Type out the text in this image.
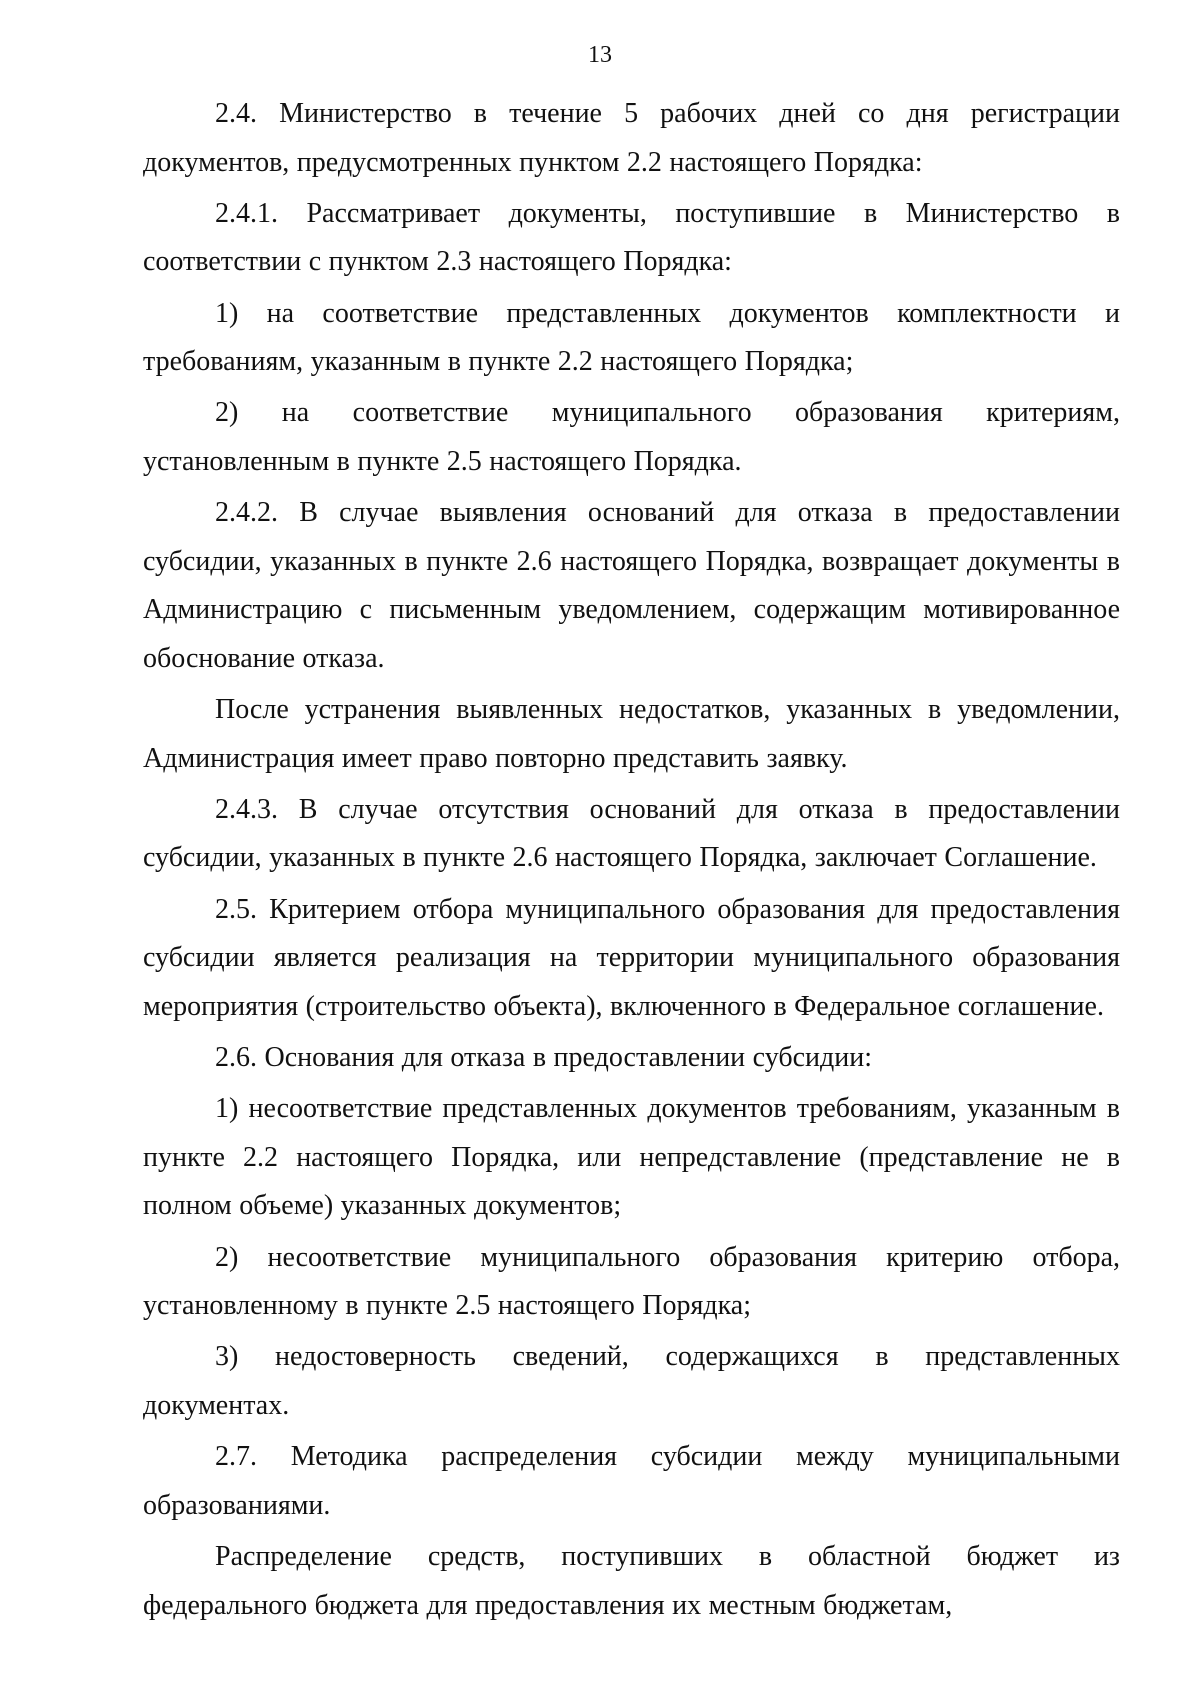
13

2.4. Министерство в течение 5 рабочих дней со дня регистрации документов, предусмотренных пунктом 2.2 настоящего Порядка:

2.4.1. Рассматривает документы, поступившие в Министерство в соответствии с пунктом 2.3 настоящего Порядка:

1) на соответствие представленных документов комплектности и требованиям, указанным в пункте 2.2 настоящего Порядка;

2) на соответствие муниципального образования критериям, установленным в пункте 2.5 настоящего Порядка.

2.4.2. В случае выявления оснований для отказа в предоставлении субсидии, указанных в пункте 2.6 настоящего Порядка, возвращает документы в Администрацию с письменным уведомлением, содержащим мотивированное обоснование отказа.

После устранения выявленных недостатков, указанных в уведомлении, Администрация имеет право повторно представить заявку.

2.4.3. В случае отсутствия оснований для отказа в предоставлении субсидии, указанных в пункте 2.6 настоящего Порядка, заключает Соглашение.

2.5. Критерием отбора муниципального образования для предоставления субсидии является реализация на территории муниципального образования мероприятия (строительство объекта), включенного в Федеральное соглашение.

2.6. Основания для отказа в предоставлении субсидии:

1) несоответствие представленных документов требованиям, указанным в пункте 2.2 настоящего Порядка, или непредставление (представление не в полном объеме) указанных документов;

2) несоответствие муниципального образования критерию отбора, установленному в пункте 2.5 настоящего Порядка;

3) недостоверность сведений, содержащихся в представленных документах.

2.7. Методика распределения субсидии между муниципальными образованиями.

Распределение средств, поступивших в областной бюджет из федерального бюджета для предоставления их местным бюджетам,
